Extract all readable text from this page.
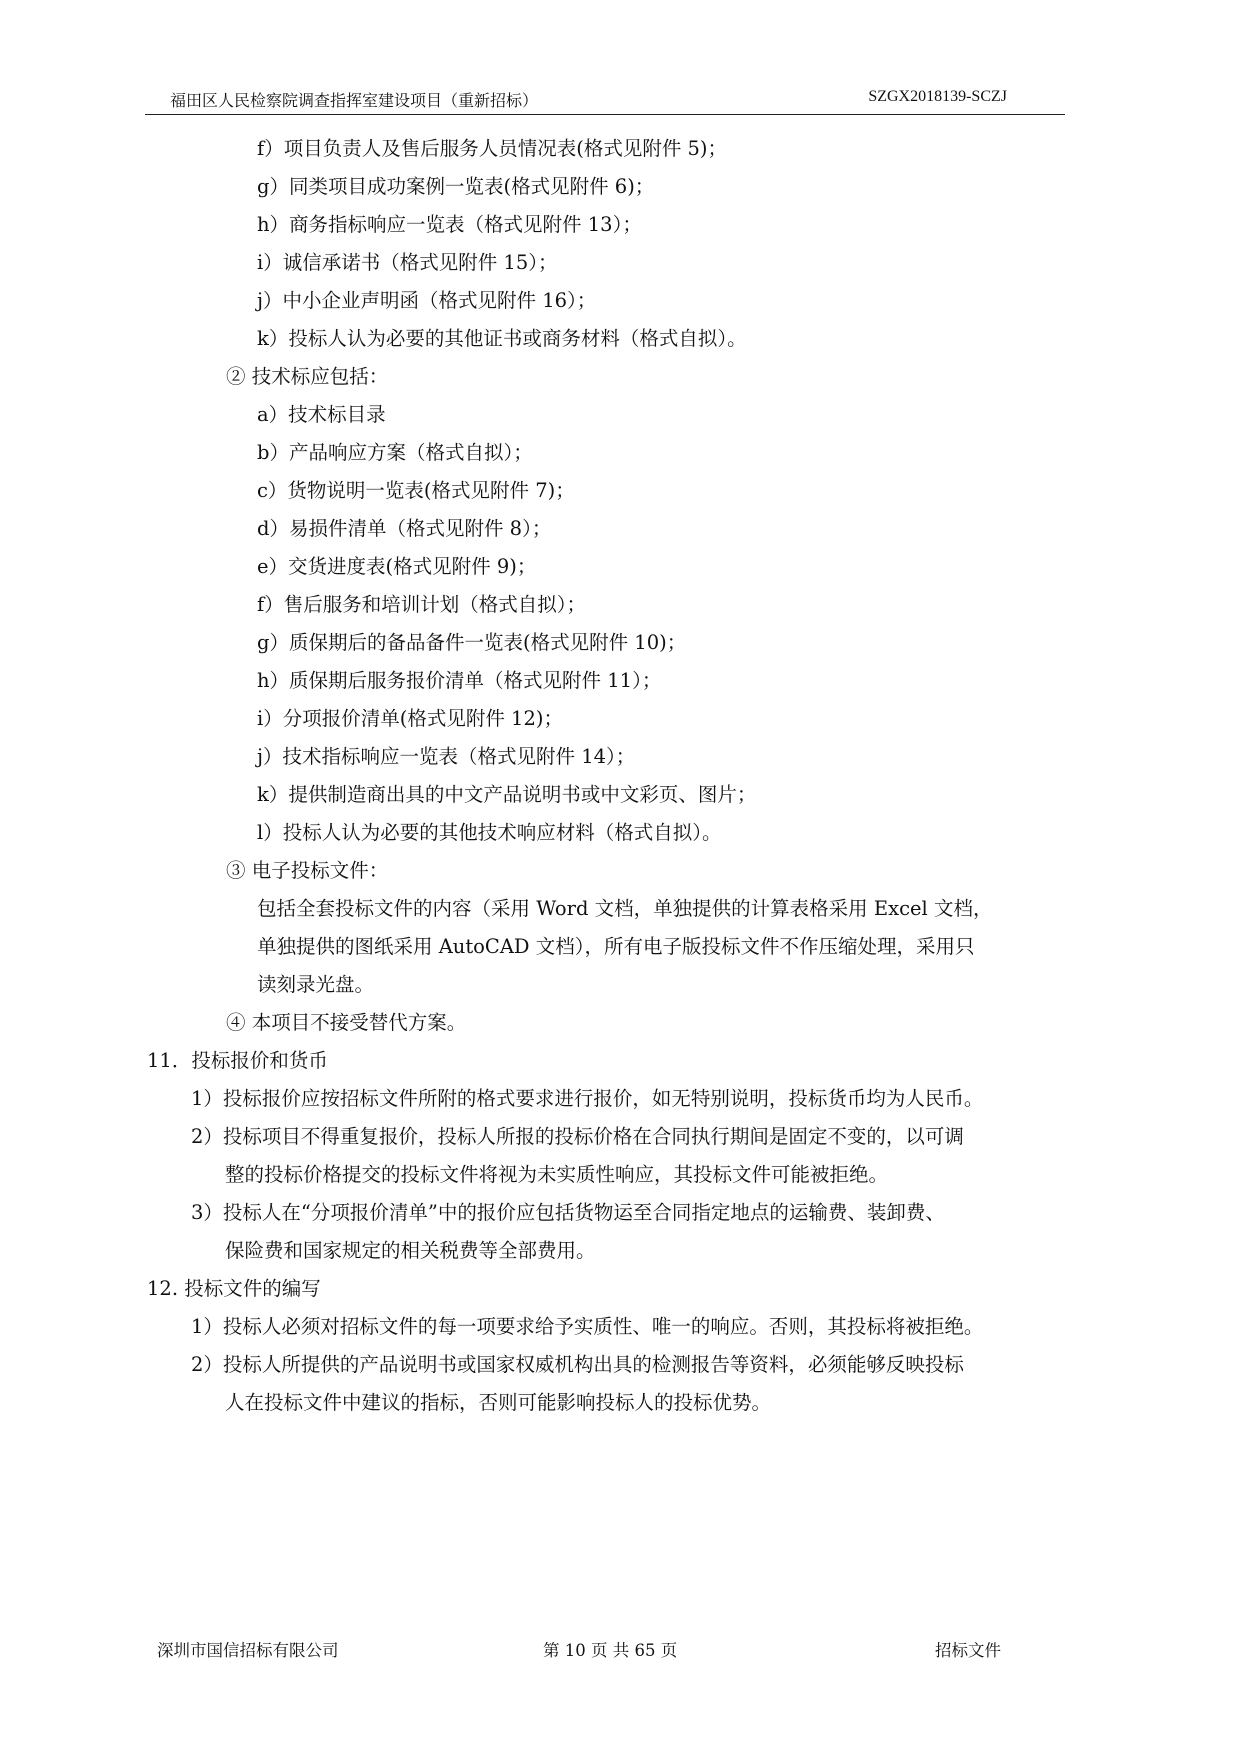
福田区人民检察院调查指挥室建设项目（重新招标）	SZGX2018139-SCZJ
f）项目负责人及售后服务人员情况表(格式见附件 5)；
g）同类项目成功案例一览表(格式见附件 6)；
h）商务指标响应一览表（格式见附件 13）；
i）诚信承诺书（格式见附件 15）；
j）中小企业声明函（格式见附件 16）；
k）投标人认为必要的其他证书或商务材料（格式自拟）。
② 技术标应包括：
a）技术标目录
b）产品响应方案（格式自拟）；
c）货物说明一览表(格式见附件 7)；
d）易损件清单（格式见附件 8）；
e）交货进度表(格式见附件 9)；
f）售后服务和培训计划（格式自拟）；
g）质保期后的备品备件一览表(格式见附件 10)；
h）质保期后服务报价清单（格式见附件 11）；
i）分项报价清单(格式见附件 12)；
j）技术指标响应一览表（格式见附件 14）；
k）提供制造商出具的中文产品说明书或中文彩页、图片；
l）投标人认为必要的其他技术响应材料（格式自拟）。
③ 电子投标文件：
包括全套投标文件的内容（采用 Word 文档，单独提供的计算表格采用 Excel 文档，
单独提供的图纸采用 AutoCAD 文档），所有电子版投标文件不作压缩处理，采用只
读刻录光盘。
④ 本项目不接受替代方案。
11．投标报价和货币
1）投标报价应按招标文件所附的格式要求进行报价，如无特别说明，投标货币均为人民币。
2）投标项目不得重复报价，投标人所报的投标价格在合同执行期间是固定不变的，以可调
整的投标价格提交的投标文件将视为未实质性响应，其投标文件可能被拒绝。
3）投标人在“分项报价清单”中的报价应包括货物运至合同指定地点的运输费、装卸费、
保险费和国家规定的相关税费等全部费用。
12. 投标文件的编写
1）投标人必须对招标文件的每一项要求给予实质性、唯一的响应。否则，其投标将被拒绝。
2）投标人所提供的产品说明书或国家权威机构出具的检测报告等资料，必须能够反映投标
人在投标文件中建议的指标，否则可能影响投标人的投标优势。
深圳市国信招标有限公司	第 10 页 共 65 页	招标文件
